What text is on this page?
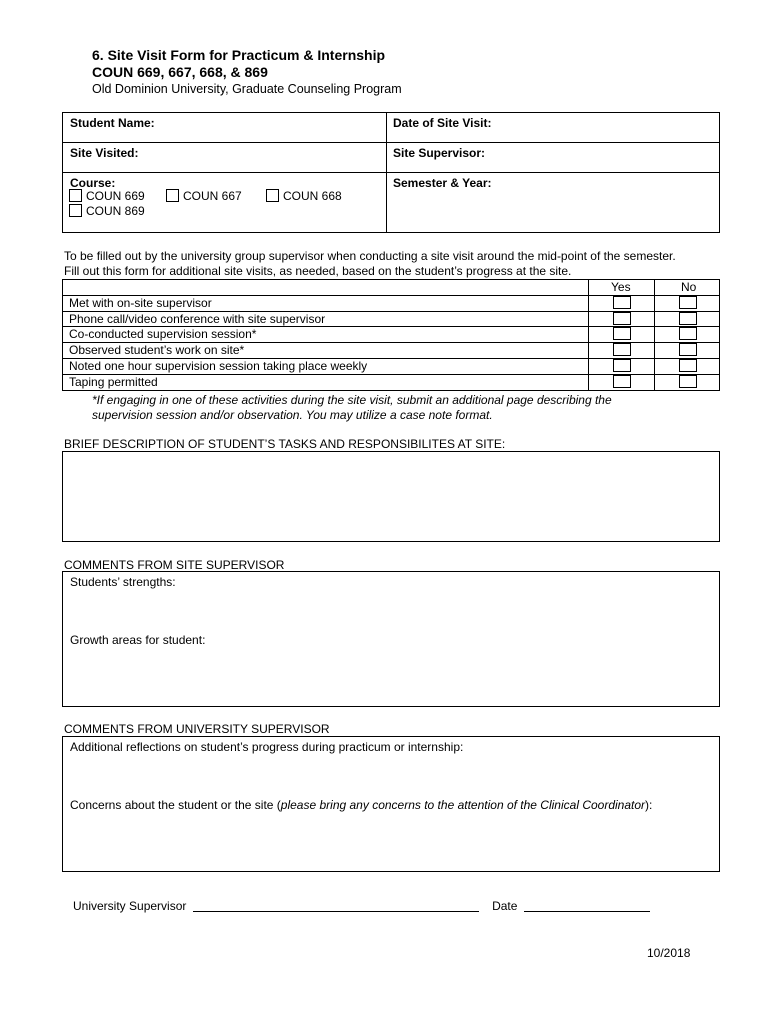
6. Site Visit Form for Practicum & Internship
COUN 669, 667, 668, & 869
Old Dominion University, Graduate Counseling Program
Student Name:	Date of Site Visit:
Site Visited:	Site Supervisor:
Course:	Semester & Year:
COUN 669	COUN 667	COUN 668
COUN 869
To be filled out by the university group supervisor when conducting a site visit around the mid-point of the semester.
Fill out this form for additional site visits, as needed, based on the student’s progress at the site.
Yes	No
Met with on-site supervisor
Phone call/video conference with site supervisor
Co-conducted supervision session*
Observed student’s work on site*
Noted one hour supervision session taking place weekly
Taping permitted
*If engaging in one of these activities during the site visit, submit an additional page describing the
supervision session and/or observation. You may utilize a case note format.
BRIEF DESCRIPTION OF STUDENT’S TASKS AND RESPONSIBILITES AT SITE:
COMMENTS FROM SITE SUPERVISOR
Students’ strengths:
Growth areas for student:
COMMENTS FROM UNIVERSITY SUPERVISOR
Additional reflections on student’s progress during practicum or internship:
Concerns about the student or the site (please bring any concerns to the attention of the Clinical Coordinator):
University Supervisor	Date
10/2018
